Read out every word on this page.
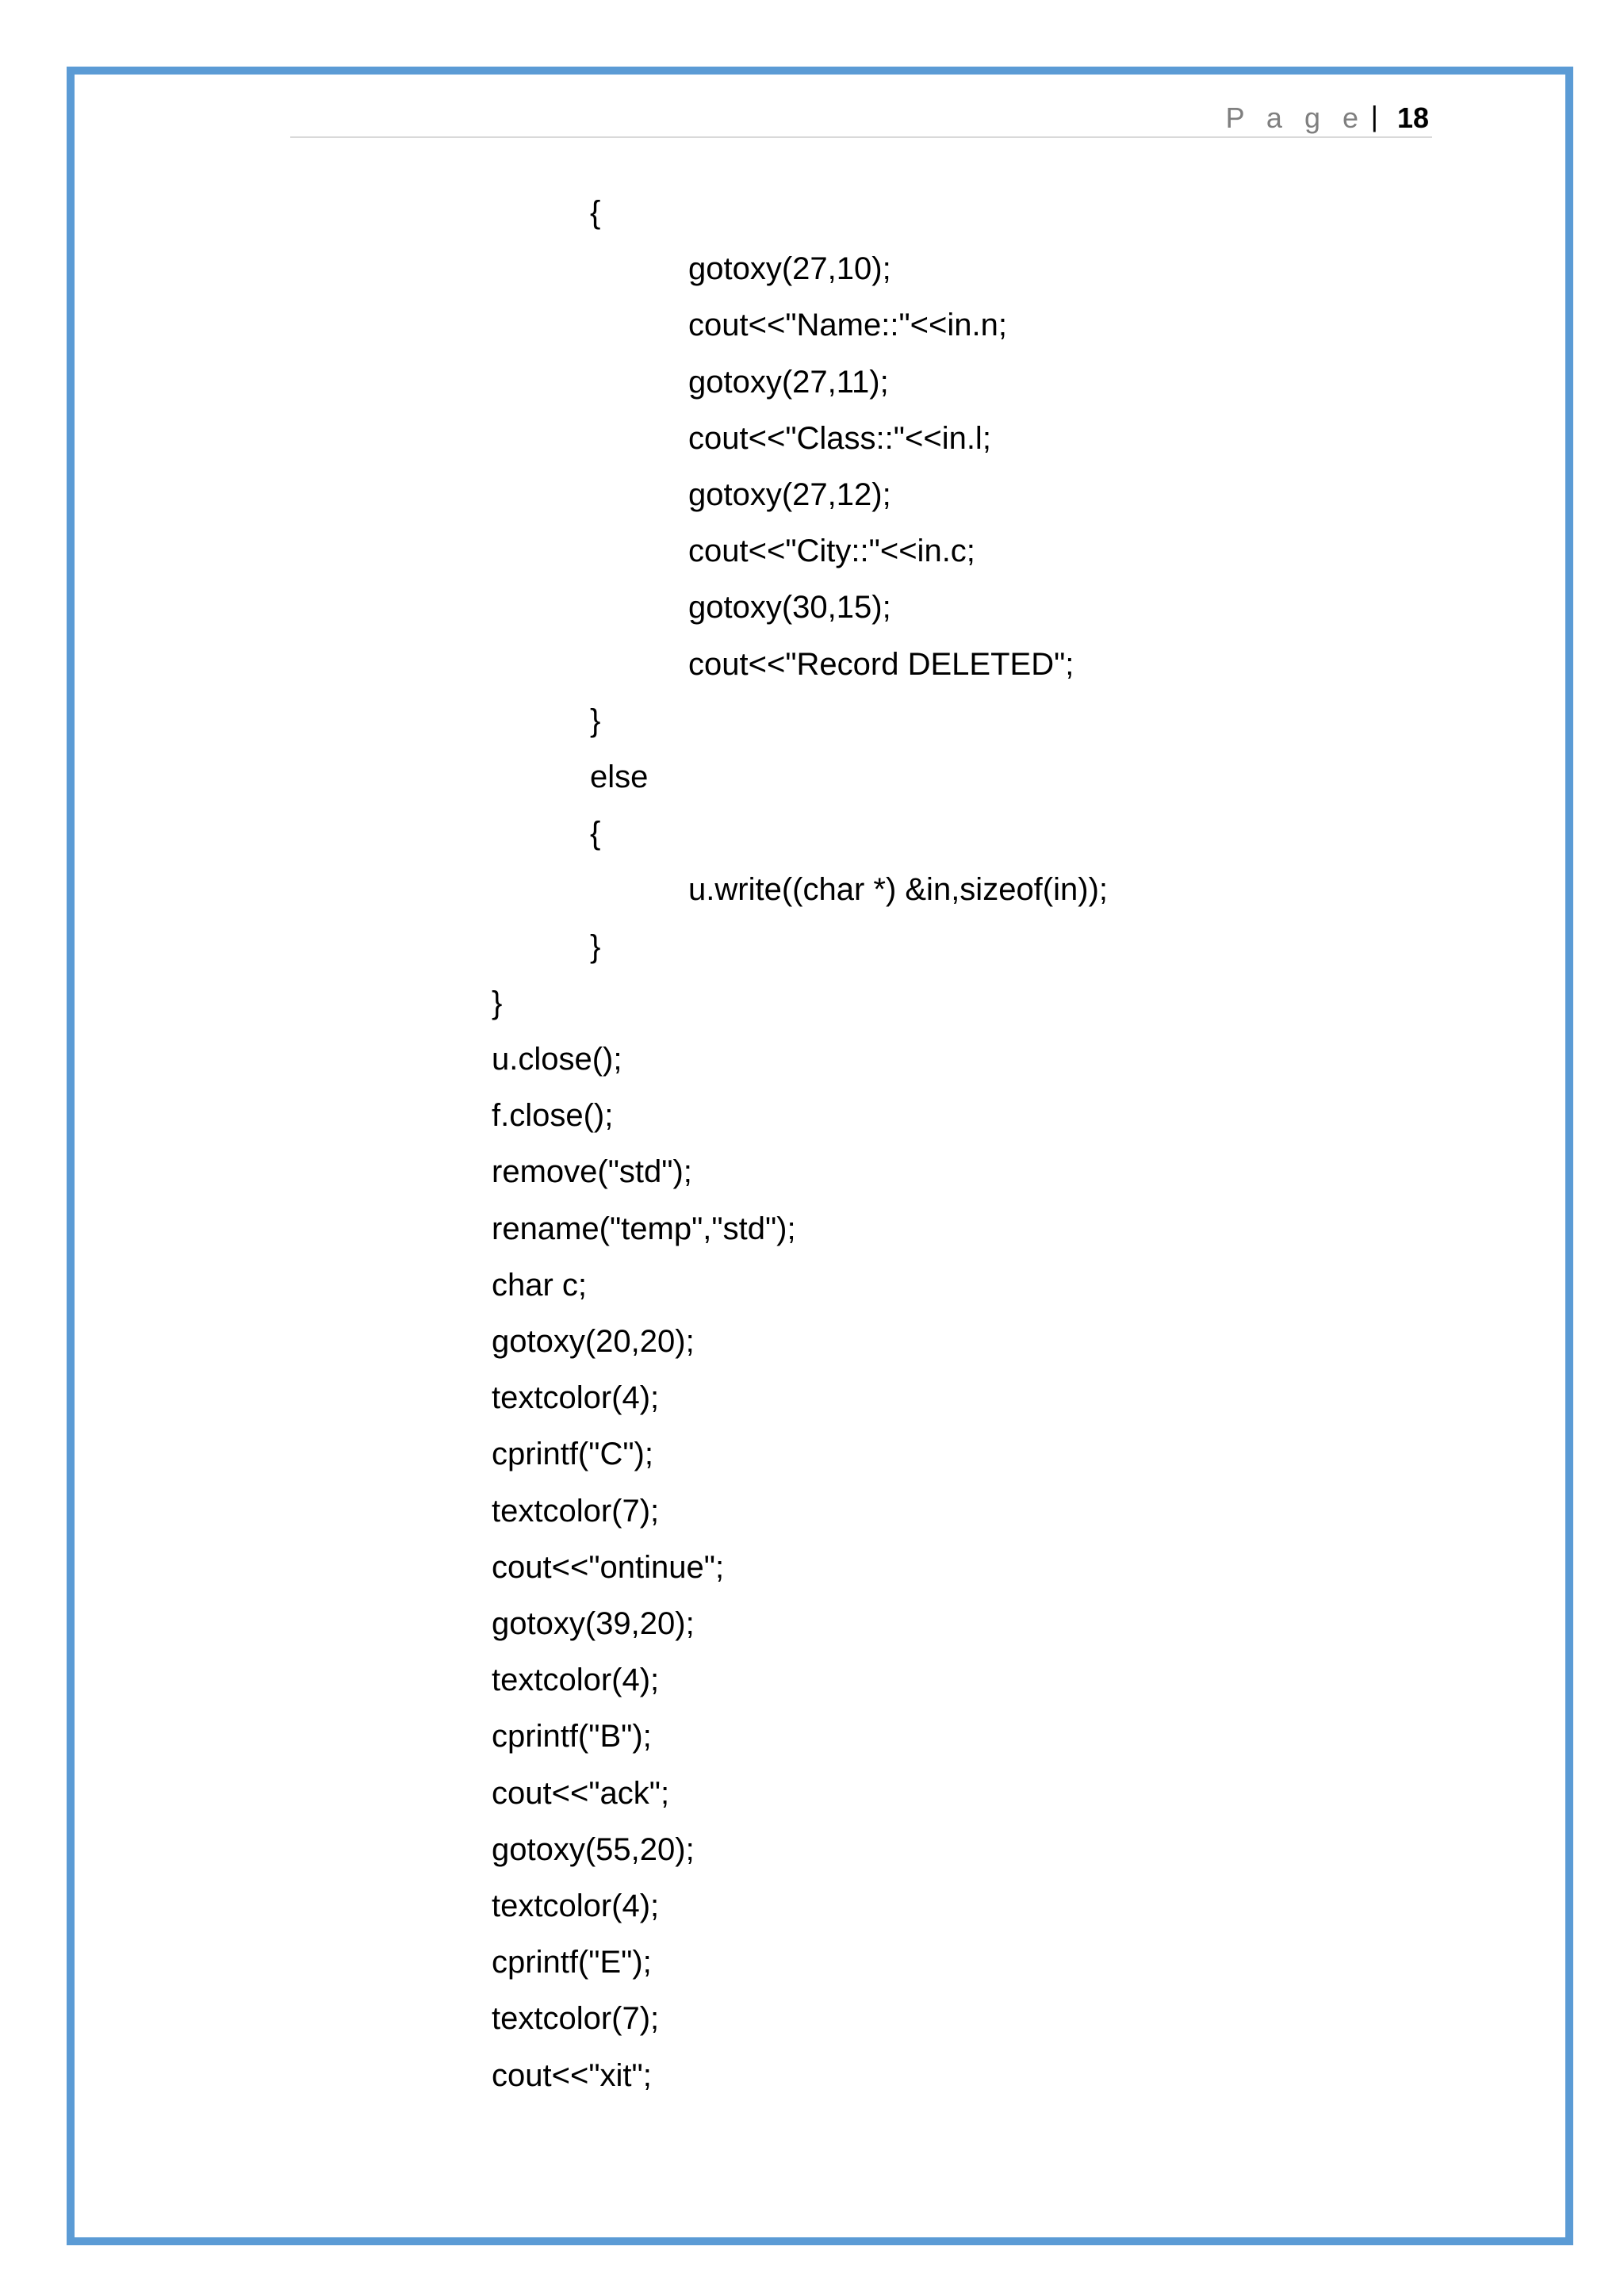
P a g e | 18
{
gotoxy(27,10);
cout<<"Name::"<<in.n;
gotoxy(27,11);
cout<<"Class::"<<in.l;
gotoxy(27,12);
cout<<"City::"<<in.c;
gotoxy(30,15);
cout<<"Record DELETED";
}
else
{
u.write((char *) &in,sizeof(in));
}
}
u.close();
f.close();
remove("std");
rename("temp","std");
char c;
gotoxy(20,20);
textcolor(4);
cprintf("C");
textcolor(7);
cout<<"ontinue";
gotoxy(39,20);
textcolor(4);
cprintf("B");
cout<<"ack";
gotoxy(55,20);
textcolor(4);
cprintf("E");
textcolor(7);
cout<<"xit";
